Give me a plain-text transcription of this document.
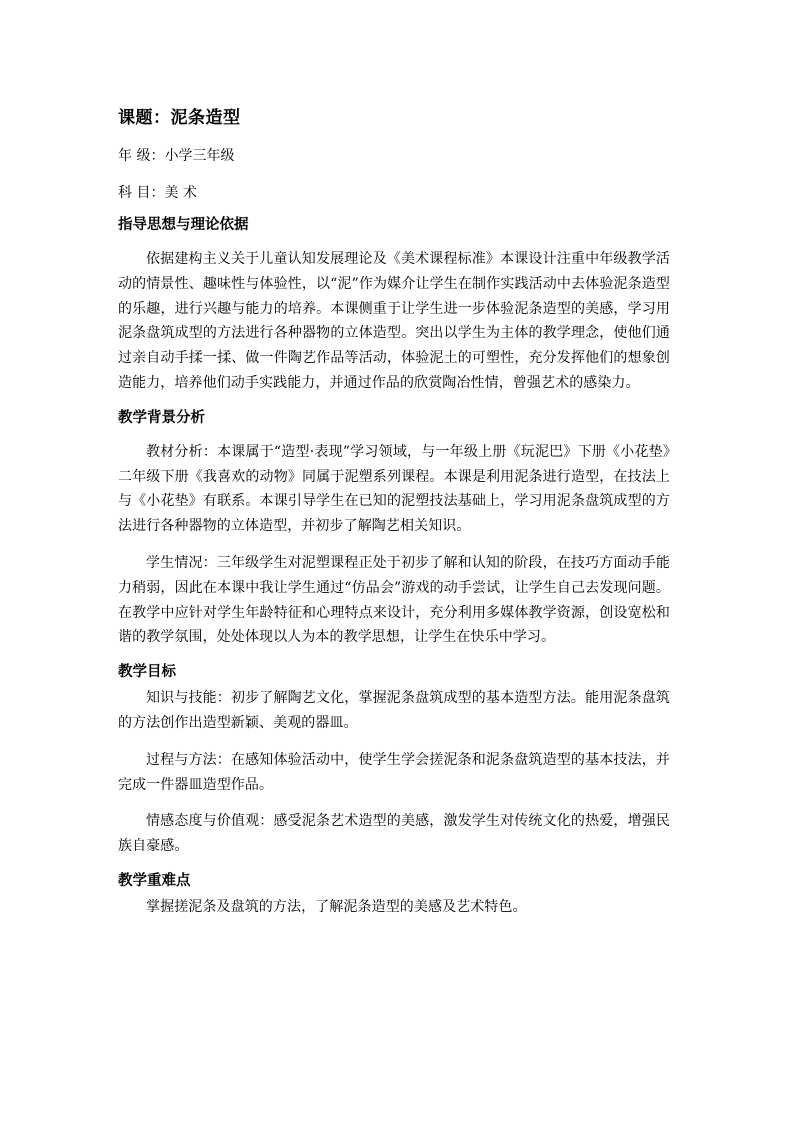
课题：泥条造型
年 级：小学三年级
科 目：美 术
指导思想与理论依据
依据建构主义关于儿童认知发展理论及《美术课程标准》本课设计注重中年级教学活动的情景性、趣味性与体验性，以“泥”作为媒介让学生在制作实践活动中去体验泥条造型的乐趣，进行兴趣与能力的培养。本课侧重于让学生进一步体验泥条造型的美感，学习用泥条盘筑成型的方法进行各种器物的立体造型。突出以学生为主体的教学理念，使他们通过亲自动手揉一揉、做一件陶艺作品等活动，体验泥土的可塑性，充分发挥他们的想象创造能力，培养他们动手实践能力，并通过作品的欣赏陶冶性情，曾强艺术的感染力。
教学背景分析
教材分析：本课属于“造型·表现”学习领域，与一年级上册《玩泥巴》下册《小花垫》二年级下册《我喜欢的动物》同属于泥塑系列课程。本课是利用泥条进行造型，在技法上与《小花垫》有联系。本课引导学生在已知的泥塑技法基础上，学习用泥条盘筑成型的方法进行各种器物的立体造型，并初步了解陶艺相关知识。
学生情况：三年级学生对泥塑课程正处于初步了解和认知的阶段，在技巧方面动手能力稍弱，因此在本课中我让学生通过“仿品会”游戏的动手尝试，让学生自己去发现问题。在教学中应针对学生年龄特征和心理特点来设计，充分利用多媒体教学资源，创设宽松和谐的教学氛围，处处体现以人为本的教学思想，让学生在快乐中学习。
教学目标
知识与技能：初步了解陶艺文化，掌握泥条盘筑成型的基本造型方法。能用泥条盘筑的方法创作出造型新颖、美观的器皿。
过程与方法：在感知体验活动中，使学生学会搓泥条和泥条盘筑造型的基本技法，并完成一件器皿造型作品。
情感态度与价值观：感受泥条艺术造型的美感，激发学生对传统文化的热爱，增强民族自豪感。
教学重难点
掌握搓泥条及盘筑的方法，了解泥条造型的美感及艺术特色。
